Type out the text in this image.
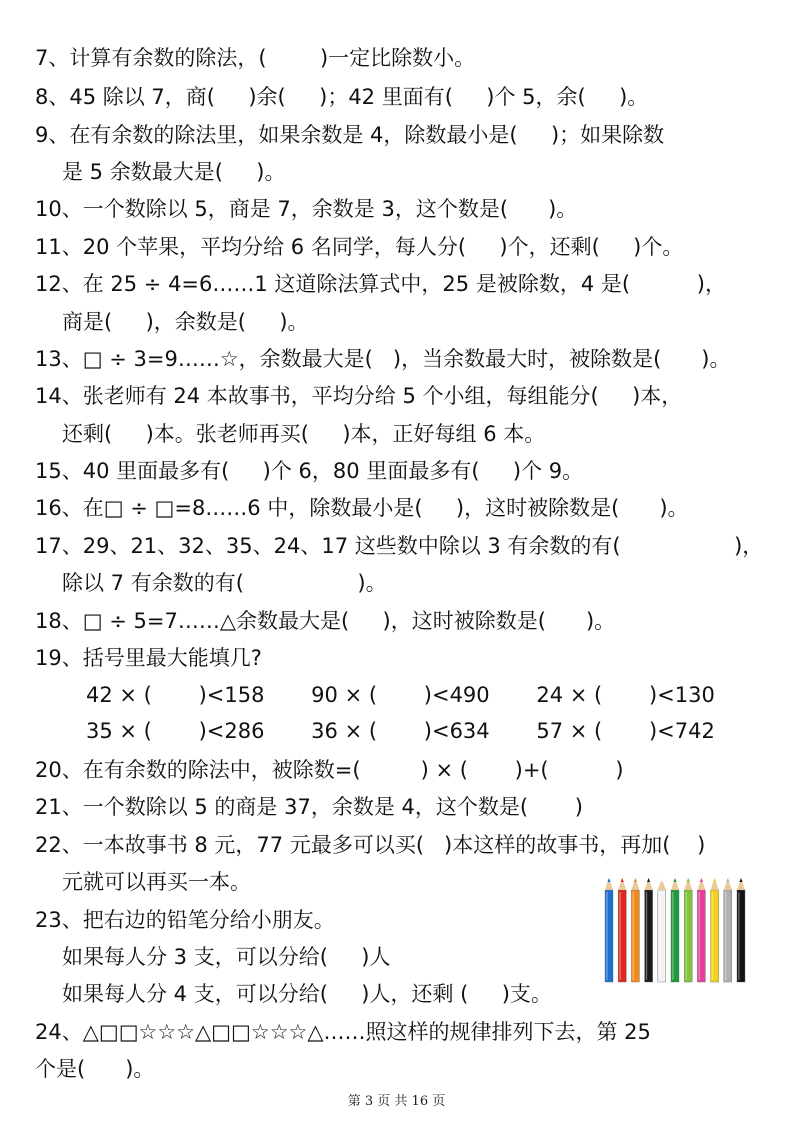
7、计算有余数的除法，(        )一定比除数小。
8、45 除以 7，商(     )余(     )；42 里面有(     )个 5，余(     )。
9、在有余数的除法里，如果余数是 4，除数最小是(     )；如果除数
是 5 余数最大是(     )。
10、一个数除以 5，商是 7，余数是 3，这个数是(      )。
11、20 个苹果，平均分给 6 名同学，每人分(     )个，还剩(     )个。
12、在 25 ÷ 4=6……1 这道除法算式中，25 是被除数，4 是(          )，
商是(     )，余数是(     )。
13、□ ÷ 3=9……☆，余数最大是(   )，当余数最大时，被除数是(      )。
14、张老师有 24 本故事书，平均分给 5 个小组，每组能分(     )本，
还剩(     )本。张老师再买(     )本，正好每组 6 本。
15、40 里面最多有(     )个 6，80 里面最多有(     )个 9。
16、在□ ÷ □=8……6 中，除数最小是(     )，这时被除数是(      )。
17、29、21、32、35、24、17 这些数中除以 3 有余数的有(                 )，
除以 7 有余数的有(                 )。
18、□ ÷ 5=7……△余数最大是(     )，这时被除数是(      )。
19、括号里最大能填几?
42 × (       )<158       90 × (       )<490       24 × (       )<130
35 × (       )<286       36 × (       )<634       57 × (       )<742
20、在有余数的除法中，被除数=(         ) × (       )+(          )
21、一个数除以 5 的商是 37，余数是 4，这个数是(       )
22、一本故事书 8 元，77 元最多可以买(   )本这样的故事书，再加(    )
元就可以再买一本。
23、把右边的铅笔分给小朋友。
如果每人分 3 支，可以分给(     )人
如果每人分 4 支，可以分给(     )人，还剩 (     )支。
24、△□□☆☆☆△□□☆☆☆△……照这样的规律排列下去，第 25
个是(      )。
第 3 页 共 16 页
